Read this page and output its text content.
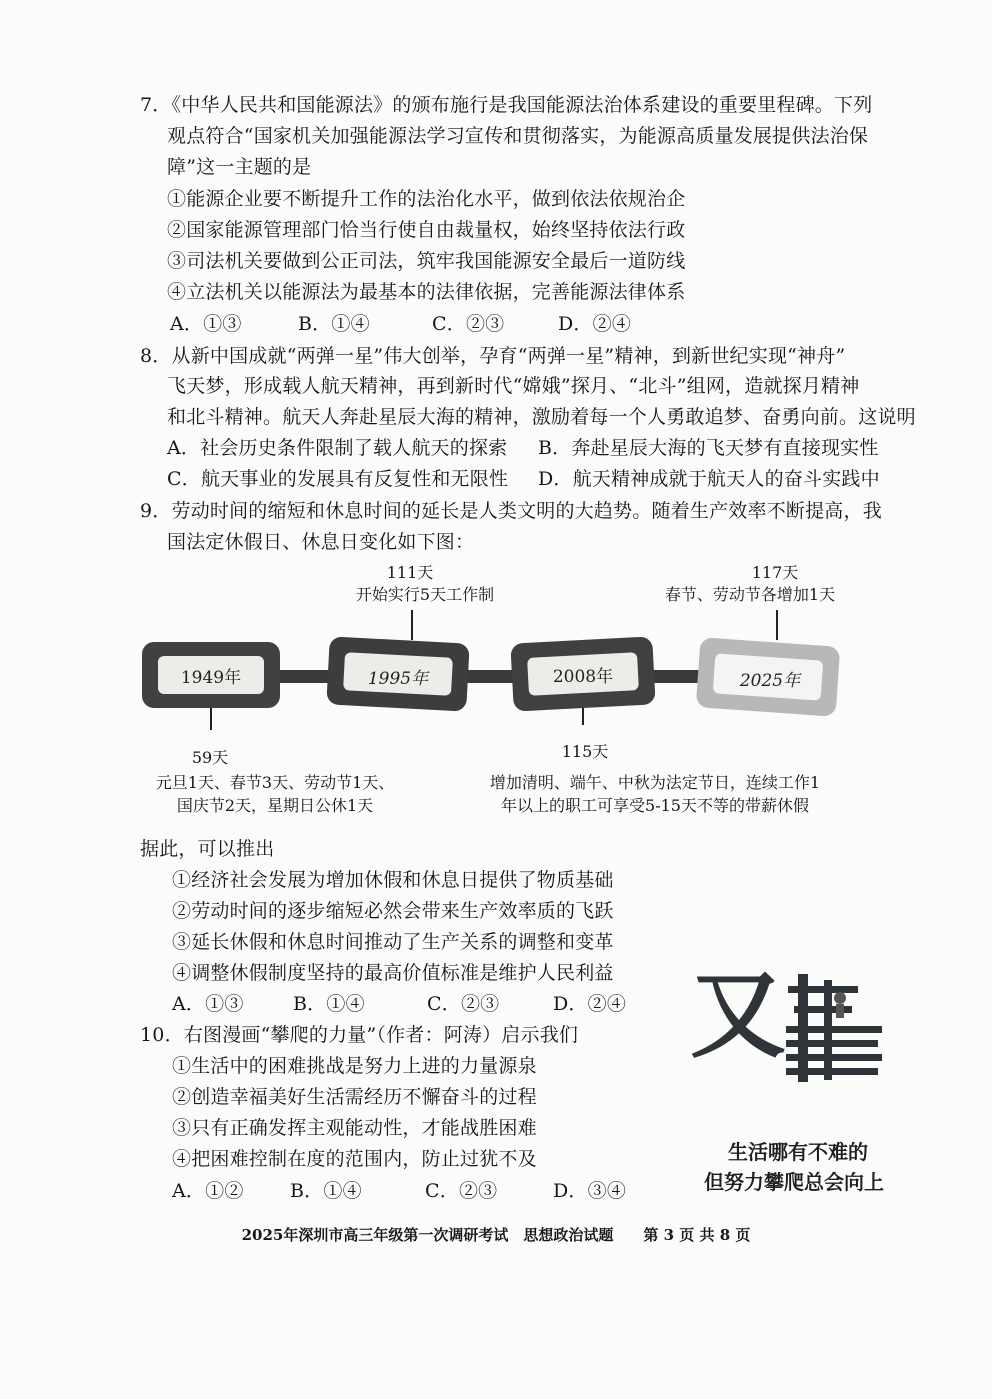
7．《中华人民共和国能源法》的颁布施行是我国能源法治体系建设的重要里程碑。下列
观点符合“国家机关加强能源法学习宣传和贯彻落实，为能源高质量发展提供法治保
障”这一主题的是
①能源企业要不断提升工作的法治化水平，做到依法依规治企
②国家能源管理部门恰当行使自由裁量权，始终坚持依法行政
③司法机关要做到公正司法，筑牢我国能源安全最后一道防线
④立法机关以能源法为最基本的法律依据，完善能源法律体系
A．①③	B．①④	C．②③	D．②④
8．从新中国成就“两弹一星”伟大创举，孕育“两弹一星”精神，到新世纪实现“神舟”
飞天梦，形成载人航天精神，再到新时代“嫦娥”探月、“北斗”组网，造就探月精神
和北斗精神。航天人奔赴星辰大海的精神，激励着每一个人勇敢追梦、奋勇向前。这说明
A．社会历史条件限制了载人航天的探索 B．奔赴星辰大海的飞天梦有直接现实性
C．航天事业的发展具有反复性和无限性 D．航天精神成就于航天人的奋斗实践中
9．劳动时间的缩短和休息时间的延长是人类文明的大趋势。随着生产效率不断提高，我
国法定休假日、休息日变化如下图：
111天
开始实行5天工作制
117天
春节、劳动节各增加1天
1949年	1995年	2008年	2025年
59天
元旦1天、春节3天、劳动节1天、
国庆节2天，星期日公休1天
115天
增加清明、端午、中秋为法定节日，连续工作1
年以上的职工可享受5-15天不等的带薪休假
据此，可以推出
①经济社会发展为增加休假和休息日提供了物质基础
②劳动时间的逐步缩短必然会带来生产效率质的飞跃
③延长休假和休息时间推动了生产关系的调整和变革
④调整休假制度坚持的最高价值标准是维护人民利益
A．①③	B．①④	C．②③	D．②④
10．右图漫画“攀爬的力量”（作者：阿涛）启示我们
①生活中的困难挑战是努力上进的力量源泉
②创造幸福美好生活需经历不懈奋斗的过程
③只有正确发挥主观能动性，才能战胜困难
④把困难控制在度的范围内，防止过犹不及
A．①② B．①④	C．②③	D．③④
又
生活哪有不难的
但努力攀爬总会向上
2025年深圳市高三年级第一次调研考试　思想政治试题　　第 3 页 共 8 页
